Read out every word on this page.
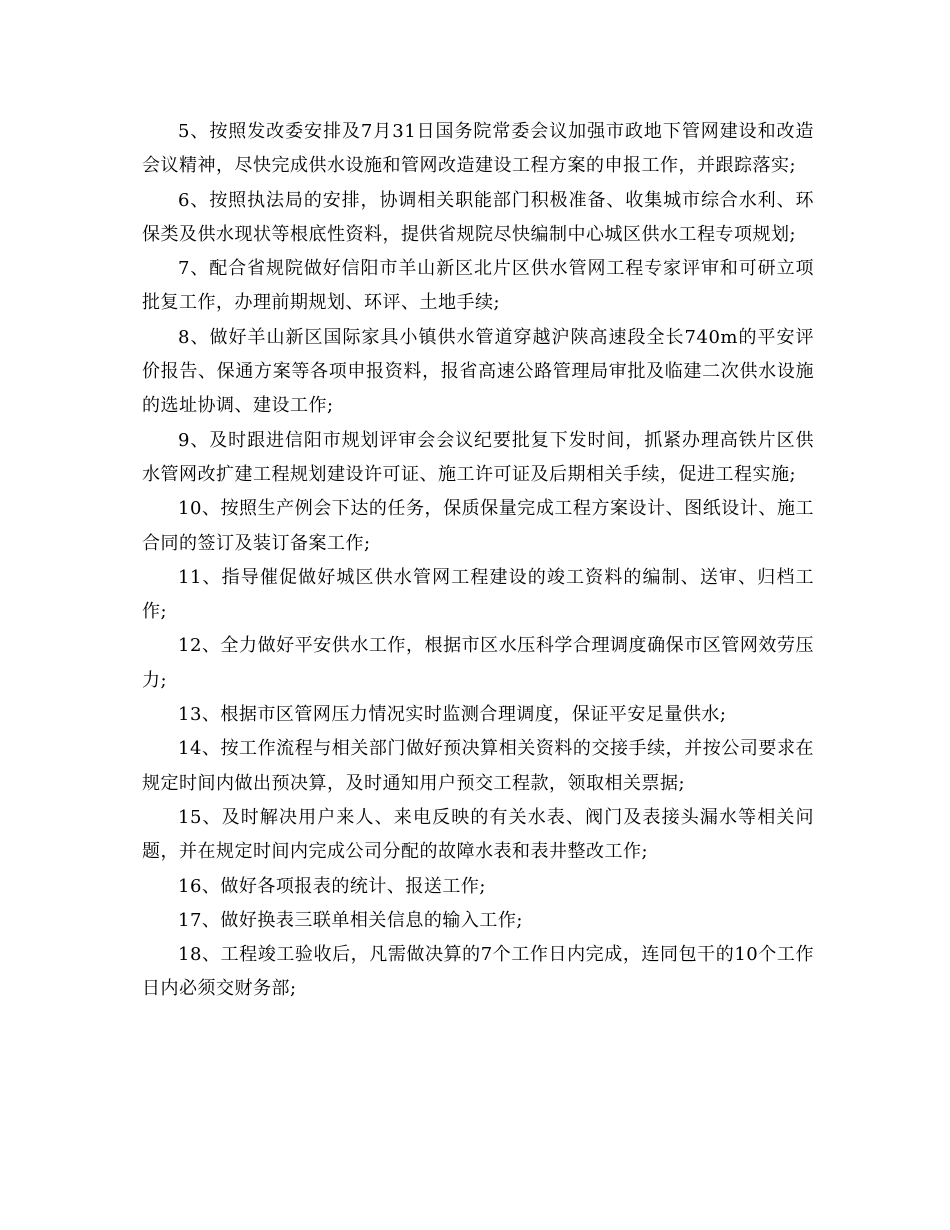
5、按照发改委安排及7月31日国务院常委会议加强市政地下管网建设和改造会议精神，尽快完成供水设施和管网改造建设工程方案的申报工作，并跟踪落实;

6、按照执法局的安排，协调相关职能部门积极准备、收集城市综合水利、环保类及供水现状等根底性资料，提供省规院尽快编制中心城区供水工程专项规划;

7、配合省规院做好信阳市羊山新区北片区供水管网工程专家评审和可研立项批复工作，办理前期规划、环评、土地手续;

8、做好羊山新区国际家具小镇供水管道穿越沪陕高速段全长740m的平安评价报告、保通方案等各项申报资料，报省高速公路管理局审批及临建二次供水设施的选址协调、建设工作;

9、及时跟进信阳市规划评审会会议纪要批复下发时间，抓紧办理高铁片区供水管网改扩建工程规划建设许可证、施工许可证及后期相关手续，促进工程实施;

10、按照生产例会下达的任务，保质保量完成工程方案设计、图纸设计、施工合同的签订及装订备案工作;

11、指导催促做好城区供水管网工程建设的竣工资料的编制、送审、归档工作;

12、全力做好平安供水工作，根据市区水压科学合理调度确保市区管网效劳压力;

13、根据市区管网压力情况实时监测合理调度，保证平安足量供水;

14、按工作流程与相关部门做好预决算相关资料的交接手续，并按公司要求在规定时间内做出预决算，及时通知用户预交工程款，领取相关票据;

15、及时解决用户来人、来电反映的有关水表、阀门及表接头漏水等相关问题，并在规定时间内完成公司分配的故障水表和表井整改工作;

16、做好各项报表的统计、报送工作;

17、做好换表三联单相关信息的输入工作;

18、工程竣工验收后，凡需做决算的7个工作日内完成，连同包干的10个工作日内必须交财务部;
